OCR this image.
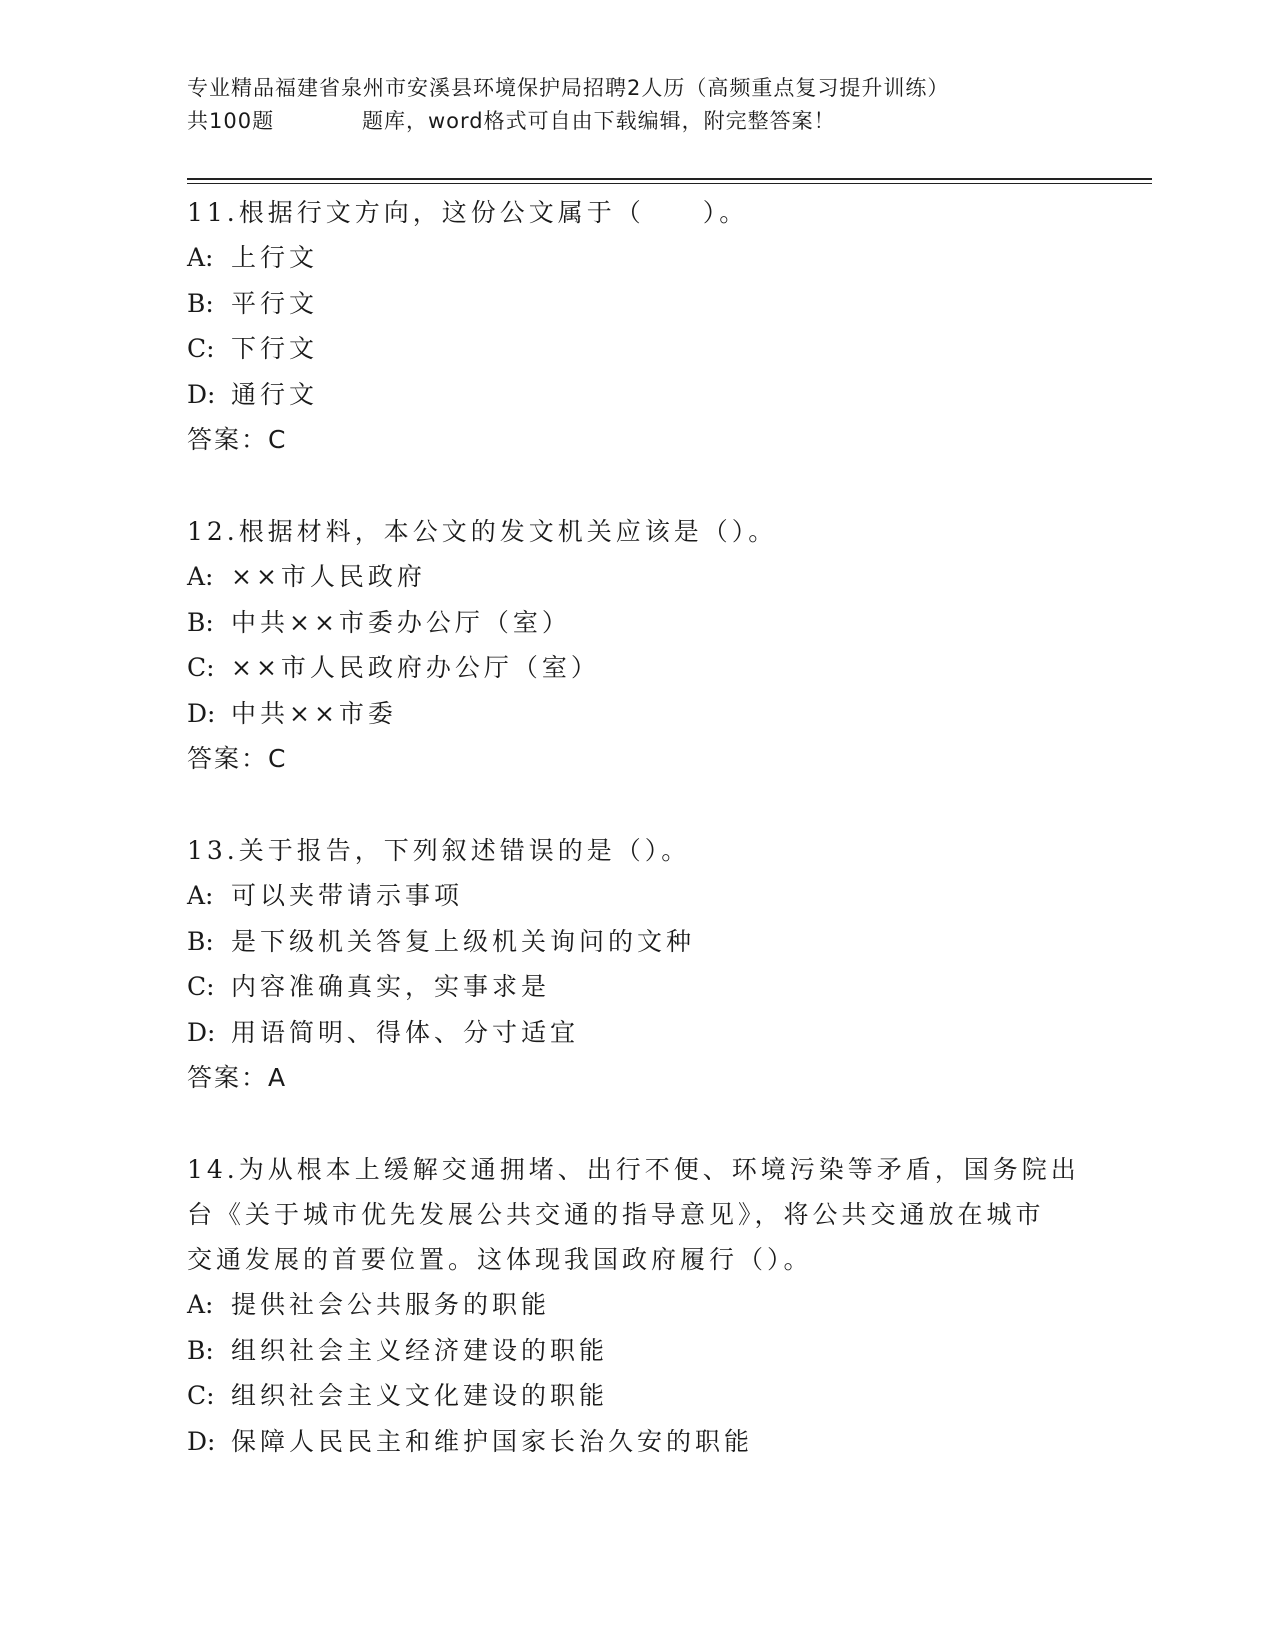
专业精品福建省泉州市安溪县环境保护局招聘2人历（高频重点复习提升训练）
共100题	题库，word格式可自由下载编辑，附完整答案！
11.根据行文方向，这份公文属于（　　）。
A: 上行文
B: 平行文
C: 下行文
D: 通行文
答案：C
12.根据材料，本公文的发文机关应该是（）。
A: ××市人民政府
B: 中共××市委办公厅（室）
C: ××市人民政府办公厅（室）
D: 中共××市委
答案：C
13.关于报告，下列叙述错误的是（）。
A: 可以夹带请示事项
B: 是下级机关答复上级机关询问的文种
C: 内容准确真实，实事求是
D: 用语简明、得体、分寸适宜
答案：A
14.为从根本上缓解交通拥堵、出行不便、环境污染等矛盾，国务院出
台《关于城市优先发展公共交通的指导意见》，将公共交通放在城市
交通发展的首要位置。这体现我国政府履行（）。
A: 提供社会公共服务的职能
B: 组织社会主义经济建设的职能
C: 组织社会主义文化建设的职能
D: 保障人民民主和维护国家长治久安的职能
